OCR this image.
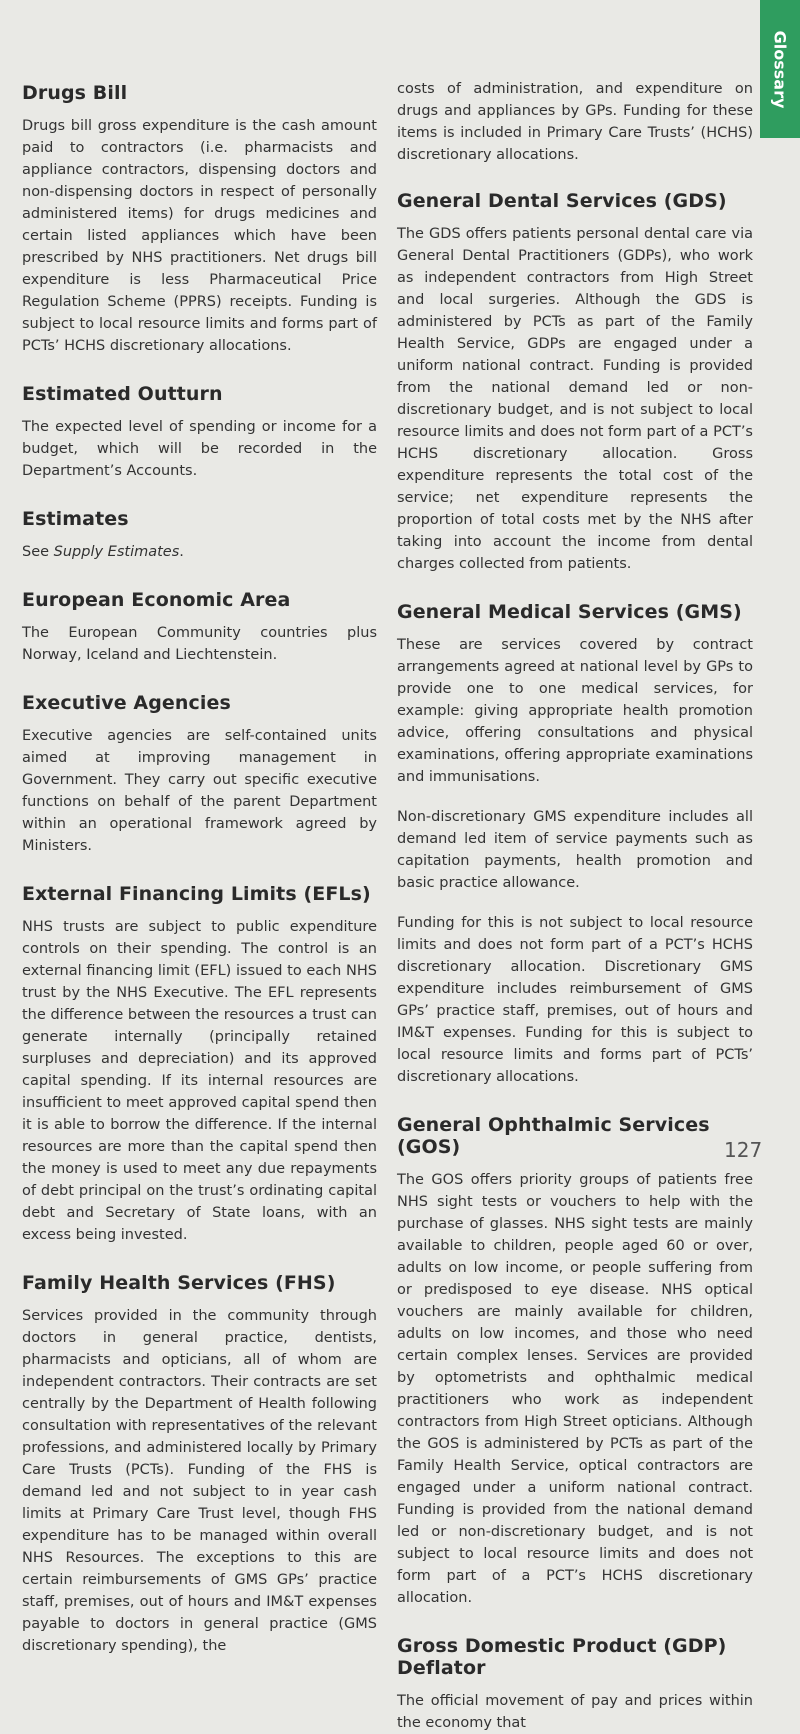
Glossary
Drugs Bill

Drugs bill gross expenditure is the cash amount paid to contractors (i.e. pharmacists and appliance contractors, dispensing doctors and non-dispensing doctors in respect of personally administered items) for drugs medicines and certain listed appliances which have been prescribed by NHS practitioners. Net drugs bill expenditure is less Pharmaceutical Price Regulation Scheme (PPRS) receipts. Funding is subject to local resource limits and forms part of PCTs’ HCHS discretionary allocations.

Estimated Outturn

The expected level of spending or income for a budget, which will be recorded in the Department’s Accounts.

Estimates

See Supply Estimates.

European Economic Area

The European Community countries plus Norway, Iceland and Liechtenstein.

Executive Agencies

Executive agencies are self-contained units aimed at improving management in Government. They carry out specific executive functions on behalf of the parent Department within an operational framework agreed by Ministers.

External Financing Limits (EFLs)

NHS trusts are subject to public expenditure controls on their spending. The control is an external financing limit (EFL) issued to each NHS trust by the NHS Executive. The EFL represents the difference between the resources a trust can generate internally (principally retained surpluses and depreciation) and its approved capital spending. If its internal resources are insufficient to meet approved capital spend then it is able to borrow the difference. If the internal resources are more than the capital spend then the money is used to meet any due repayments of debt principal on the trust’s ordinating capital debt and Secretary of State loans, with an excess being invested.

Family Health Services (FHS)

Services provided in the community through doctors in general practice, dentists, pharmacists and opticians, all of whom are independent contractors. Their contracts are set centrally by the Department of Health following consultation with representatives of the relevant professions, and administered locally by Primary Care Trusts (PCTs). Funding of the FHS is demand led and not subject to in year cash limits at Primary Care Trust level, though FHS expenditure has to be managed within overall NHS Resources. The exceptions to this are certain reimbursements of GMS GPs’ practice staff, premises, out of hours and IM&T expenses payable to doctors in general practice (GMS discretionary spending), the

costs of administration, and expenditure on drugs and appliances by GPs. Funding for these items is included in Primary Care Trusts’ (HCHS) discretionary allocations.

General Dental Services (GDS)

The GDS offers patients personal dental care via General Dental Practitioners (GDPs), who work as independent contractors from High Street and local surgeries. Although the GDS is administered by PCTs as part of the Family Health Service, GDPs are engaged under a uniform national contract. Funding is provided from the national demand led or non-discretionary budget, and is not subject to local resource limits and does not form part of a PCT’s HCHS discretionary allocation. Gross expenditure represents the total cost of the service; net expenditure represents the proportion of total costs met by the NHS after taking into account the income from dental charges collected from patients.

General Medical Services (GMS)

These are services covered by contract arrangements agreed at national level by GPs to provide one to one medical services, for example: giving appropriate health promotion advice, offering consultations and physical examinations, offering appropriate examinations and immunisations.

Non-discretionary GMS expenditure includes all demand led item of service payments such as capitation payments, health promotion and basic practice allowance.

Funding for this is not subject to local resource limits and does not form part of a PCT’s HCHS discretionary allocation. Discretionary GMS expenditure includes reimbursement of GMS GPs’ practice staff, premises, out of hours and IM&T expenses. Funding for this is subject to local resource limits and forms part of PCTs’ discretionary allocations.

General Ophthalmic Services (GOS)

The GOS offers priority groups of patients free NHS sight tests or vouchers to help with the purchase of glasses. NHS sight tests are mainly available to children, people aged 60 or over, adults on low income, or people suffering from or predisposed to eye disease. NHS optical vouchers are mainly available for children, adults on low incomes, and those who need certain complex lenses. Services are provided by optometrists and ophthalmic medical practitioners who work as independent contractors from High Street opticians. Although the GOS is administered by PCTs as part of the Family Health Service, optical contractors are engaged under a uniform national contract. Funding is provided from the national demand led or non-discretionary budget, and is not subject to local resource limits and does not form part of a PCT’s HCHS discretionary allocation.

Gross Domestic Product (GDP) Deflator

The official movement of pay and prices within the economy that

127
